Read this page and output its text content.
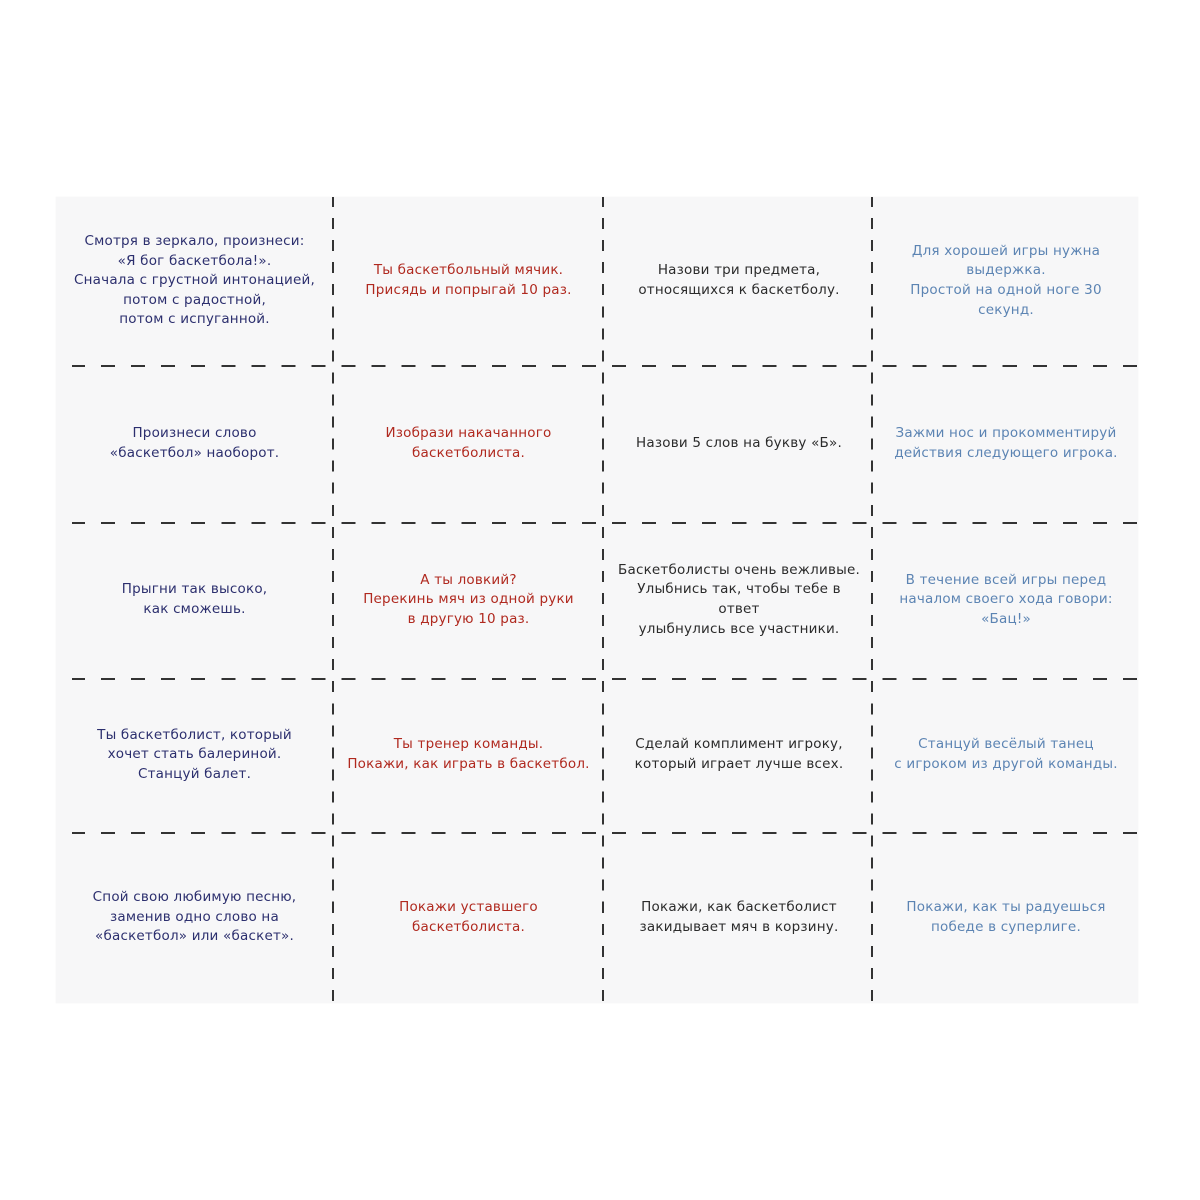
Смотря в зеркало, произнеси:
«Я бог баскетбола!».
Сначала с грустной интонацией,
потом с радостной,
потом с испуганной.
Ты баскетбольный мячик.
Присядь и попрыгай 10 раз.
Назови три предмета,
относящихся к баскетболу.
Для хорошей игры нужна
выдержка.
Простой на одной ноге 30 секунд.
Произнеси слово
«баскетбол» наоборот.
Изобрази накачанного
баскетболиста.
Назови 5 слов на букву «Б».
Зажми нос и прокомментируй
действия следующего игрока.
Прыгни так высоко,
как сможешь.
А ты ловкий?
Перекинь мяч из одной руки
в другую 10 раз.
Баскетболисты очень вежливые.
Улыбнись так, чтобы тебе в ответ
улыбнулись все участники.
В течение всей игры перед
началом своего хода говори:
«Бац!»
Ты баскетболист, который
хочет стать балериной.
Станцуй балет.
Ты тренер команды.
Покажи, как играть в баскетбол.
Сделай комплимент игроку,
который играет лучше всех.
Станцуй весёлый танец
с игроком из другой команды.
Спой свою любимую песню,
заменив одно слово на
«баскетбол» или «баскет».
Покажи уставшего
баскетболиста.
Покажи, как баскетболист
закидывает мяч в корзину.
Покажи, как ты радуешься
победе в суперлиге.
